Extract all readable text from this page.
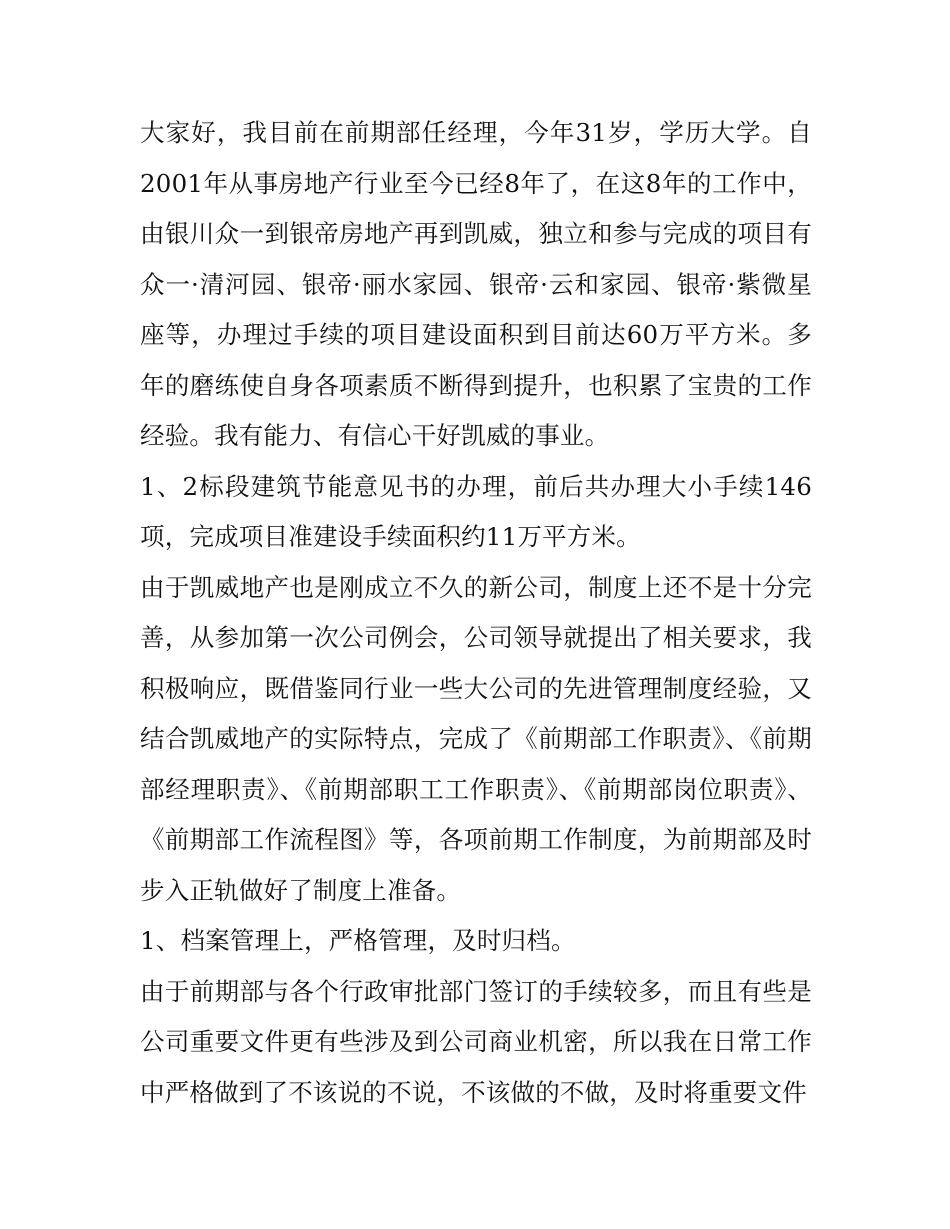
大家好，我目前在前期部任经理，今年31岁，学历大学。自2001年从事房地产行业至今已经8年了，在这8年的工作中，由银川众一到银帝房地产再到凯威，独立和参与完成的项目有众一·清河园、银帝·丽水家园、银帝·云和家园、银帝·紫微星座等，办理过手续的项目建设面积到目前达60万平方米。多年的磨练使自身各项素质不断得到提升，也积累了宝贵的工作经验。我有能力、有信心干好凯威的事业。

1、2标段建筑节能意见书的办理，前后共办理大小手续146项，完成项目准建设手续面积约11万平方米。

由于凯威地产也是刚成立不久的新公司，制度上还不是十分完善，从参加第一次公司例会，公司领导就提出了相关要求，我积极响应，既借鉴同行业一些大公司的先进管理制度经验，又结合凯威地产的实际特点，完成了《前期部工作职责》、《前期部经理职责》、《前期部职工工作职责》、《前期部岗位职责》、《前期部工作流程图》等，各项前期工作制度，为前期部及时步入正轨做好了制度上准备。

1、档案管理上，严格管理，及时归档。

由于前期部与各个行政审批部门签订的手续较多，而且有些是公司重要文件更有些涉及到公司商业机密，所以我在日常工作中严格做到了不该说的不说，不该做的不做，及时将重要文件
